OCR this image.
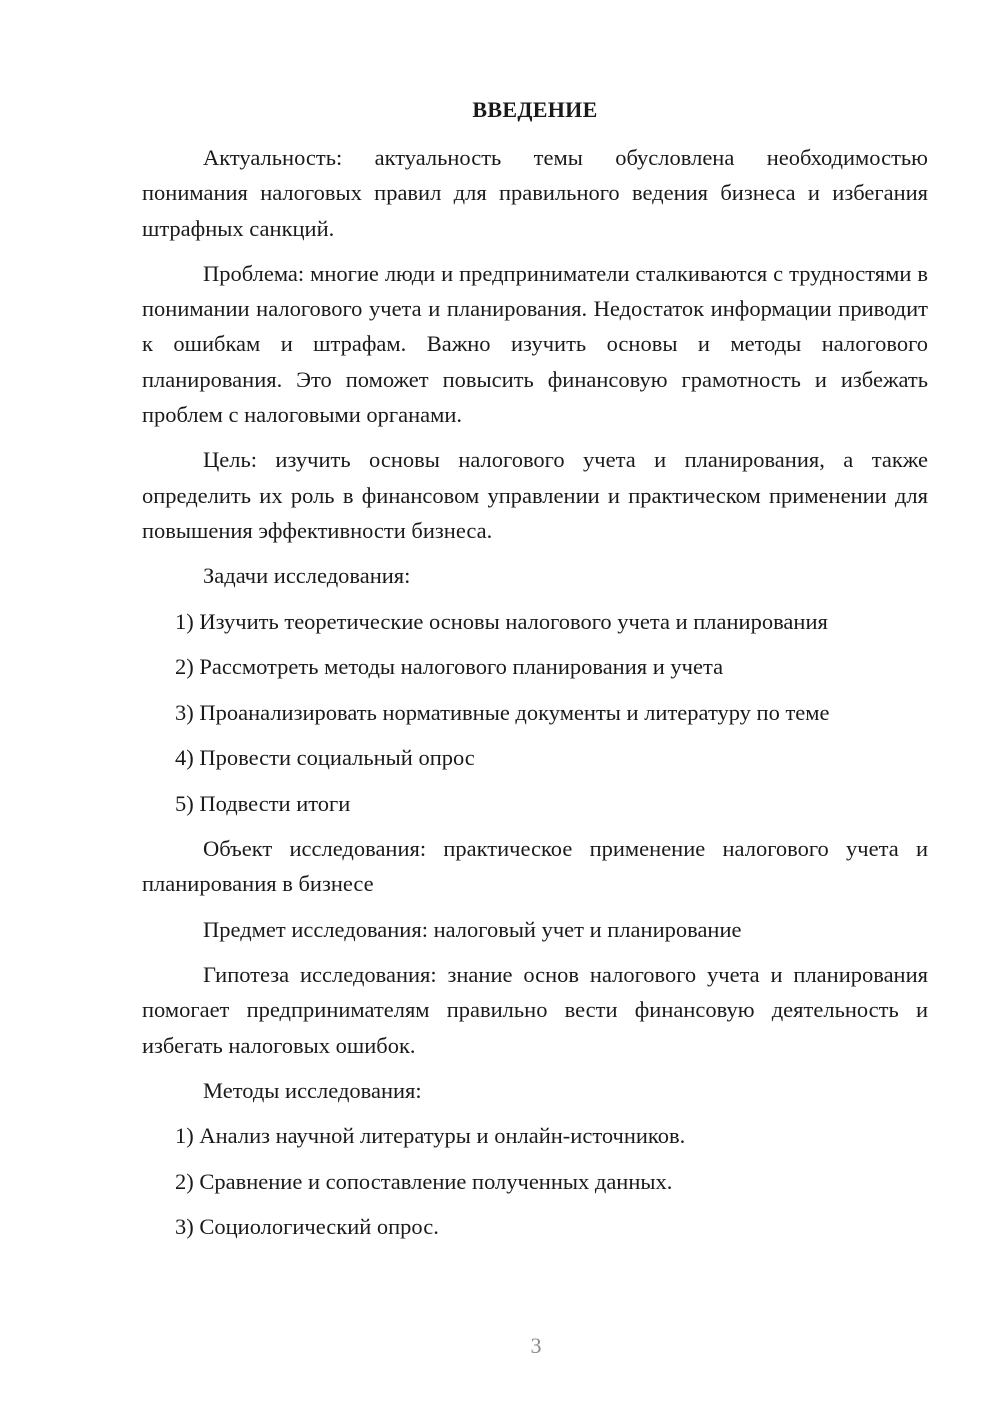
ВВЕДЕНИЕ

Актуальность: актуальность темы обусловлена необходимостью понимания налоговых правил для правильного ведения бизнеса и избегания штрафных санкций.

Проблема: многие люди и предприниматели сталкиваются с трудностями в понимании налогового учета и планирования. Недостаток информации приводит к ошибкам и штрафам. Важно изучить основы и методы налогового планирования. Это поможет повысить финансовую грамотность и избежать проблем с налоговыми органами.

Цель: изучить основы налогового учета и планирования, а также определить их роль в финансовом управлении и практическом применении для повышения эффективности бизнеса.

Задачи исследования:

1) Изучить теоретические основы налогового учета и планирования
2) Рассмотреть методы налогового планирования и учета
3) Проанализировать нормативные документы и литературу по теме
4) Провести социальный опрос
5) Подвести итоги

Объект исследования: практическое применение налогового учета и планирования в бизнесе

Предмет исследования: налоговый учет и планирование

Гипотеза исследования: знание основ налогового учета и планирования помогает предпринимателям правильно вести финансовую деятельность и избегать налоговых ошибок.

Методы исследования:

1) Анализ научной литературы и онлайн-источников.
2) Сравнение и сопоставление полученных данных.
3) Социологический опрос.
3
